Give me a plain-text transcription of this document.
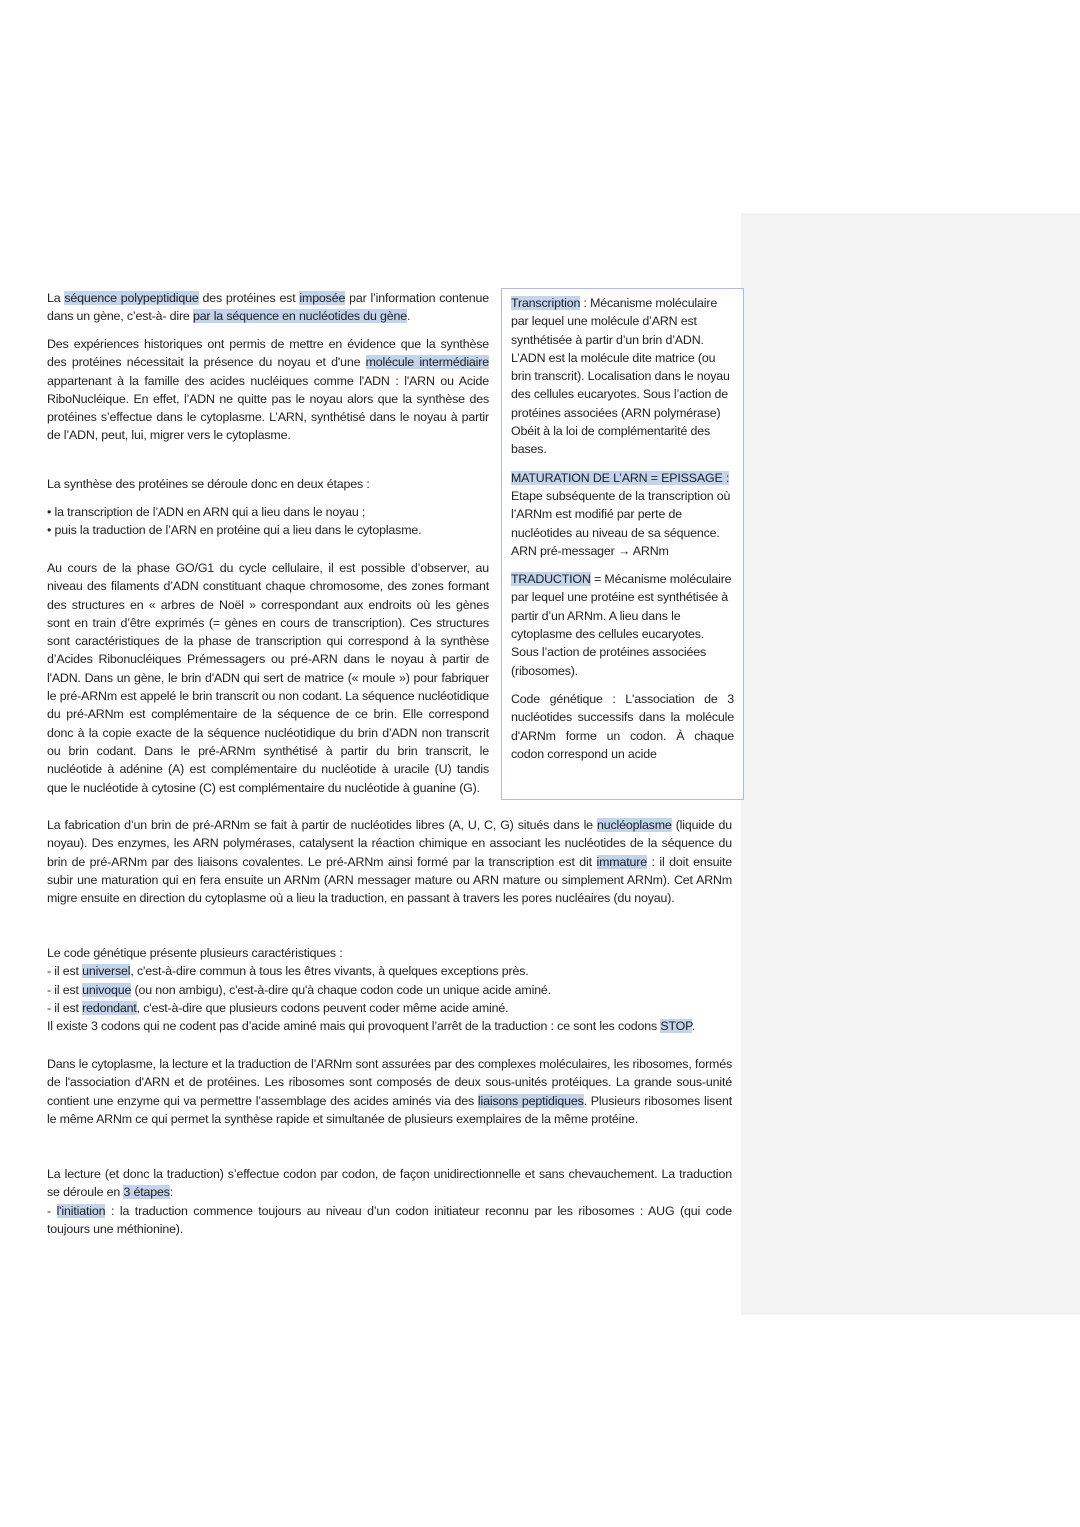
La séquence polypeptidique des protéines est imposée par l’information contenue dans un gène, c’est-à- dire par la séquence en nucléotides du gène.

Des expériences historiques ont permis de mettre en évidence que la synthèse des protéines nécessitait la présence du noyau et d'une molécule intermédiaire appartenant à la famille des acides nucléiques comme l'ADN : l'ARN ou Acide RiboNucléique. En effet, l’ADN ne quitte pas le noyau alors que la synthèse des protéines s’effectue dans le cytoplasme. L’ARN, synthétisé dans le noyau à partir de l’ADN, peut, lui, migrer vers le cytoplasme.

La synthèse des protéines se déroule donc en deux étapes :

• la transcription de l’ADN en ARN qui a lieu dans le noyau ;
• puis la traduction de l’ARN en protéine qui a lieu dans le cytoplasme.

Au cours de la phase GO/G1 du cycle cellulaire, il est possible d’observer, au niveau des filaments d’ADN constituant chaque chromosome, des zones formant des structures en « arbres de Noël » correspondant aux endroits où les gènes sont en train d’être exprimés (= gènes en cours de transcription). Ces structures sont caractéristiques de la phase de transcription qui correspond à la synthèse d’Acides Ribonucléiques Prémessagers ou pré-ARN dans le noyau à partir de l'ADN. Dans un gène, le brin d'ADN qui sert de matrice (« moule ») pour fabriquer le pré-ARNm est appelé le brin transcrit ou non codant. La séquence nucléotidique du pré-ARNm est complémentaire de la séquence de ce brin. Elle correspond donc à la copie exacte de la séquence nucléotidique du brin d’ADN non transcrit ou brin codant. Dans le pré-ARNm synthétisé à partir du brin transcrit, le nucléotide à adénine (A) est complémentaire du nucléotide à uracile (U) tandis que le nucléotide à cytosine (C) est complémentaire du nucléotide à guanine (G).

La fabrication d’un brin de pré-ARNm se fait à partir de nucléotides libres (A, U, C, G) situés dans le nucléoplasme (liquide du noyau). Des enzymes, les ARN polymérases, catalysent la réaction chimique en associant les nucléotides de la séquence du brin de pré-ARNm par des liaisons covalentes. Le pré-ARNm ainsi formé par la transcription est dit immature : il doit ensuite subir une maturation qui en fera ensuite un ARNm (ARN messager mature ou ARN mature ou simplement ARNm). Cet ARNm migre ensuite en direction du cytoplasme où a lieu la traduction, en passant à travers les pores nucléaires (du noyau).

Le code génétique présente plusieurs caractéristiques :
- il est universel, c'est-à-dire commun à tous les êtres vivants, à quelques exceptions près.
- il est univoque (ou non ambigu), c'est-à-dire qu'à chaque codon code un unique acide aminé.
- il est redondant, c'est-à-dire que plusieurs codons peuvent coder même acide aminé.
Il existe 3 codons qui ne codent pas d’acide aminé mais qui provoquent l’arrêt de la traduction : ce sont les codons STOP.

Dans le cytoplasme, la lecture et la traduction de l’ARNm sont assurées par des complexes moléculaires, les ribosomes, formés de l'association d'ARN et de protéines. Les ribosomes sont composés de deux sous-unités protéiques. La grande sous-unité contient une enzyme qui va permettre l’assemblage des acides aminés via des liaisons peptidiques. Plusieurs ribosomes lisent le même ARNm ce qui permet la synthèse rapide et simultanée de plusieurs exemplaires de la même protéine.

La lecture (et donc la traduction) s’effectue codon par codon, de façon unidirectionnelle et sans chevauchement. La traduction se déroule en 3 étapes:
- l'initiation : la traduction commence toujours au niveau d’un codon initiateur reconnu par les ribosomes : AUG (qui code toujours une méthionine).

Transcription : Mécanisme moléculaire par lequel une molécule d’ARN est synthétisée à partir d’un brin d’ADN. L’ADN est la molécule dite matrice (ou brin transcrit). Localisation dans le noyau des cellules eucaryotes. Sous l’action de protéines associées (ARN polymérase) Obéit à la loi de complémentarité des bases.

MATURATION DE L’ARN = EPISSAGE : Etape subséquente de la transcription où l’ARNm est modifié par perte de nucléotides au niveau de sa séquence. ARN pré-messager → ARNm

TRADUCTION = Mécanisme moléculaire par lequel une protéine est synthétisée à partir d’un ARNm. A lieu dans le cytoplasme des cellules eucaryotes. Sous l’action de protéines associées (ribosomes).

Code génétique : L'association de 3 nucléotides successifs dans la molécule d'ARNm forme un codon. À chaque codon correspond un acide
